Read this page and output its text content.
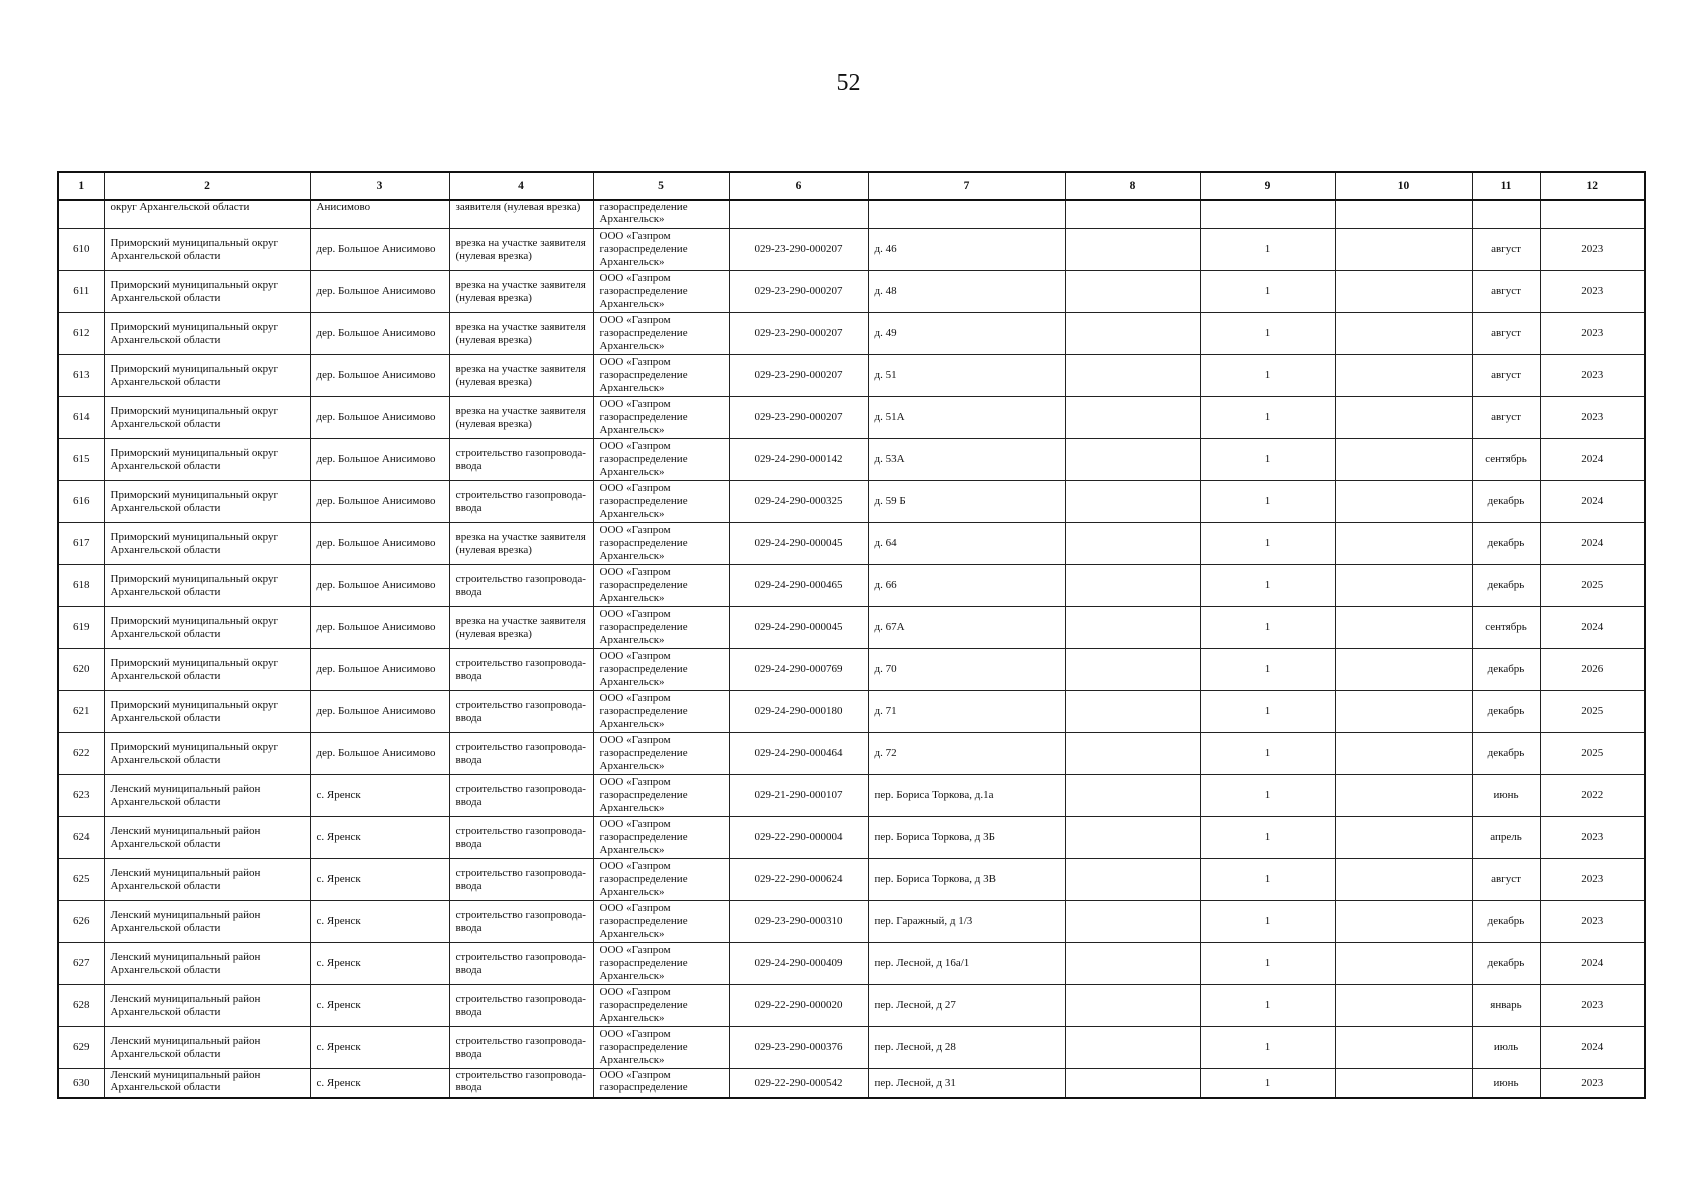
52
1	2	3	4	5	6	7	8	9	10	11	12
	округ Архангельской области	Анисимово	заявителя (нулевая врезка)	газораспределение Архангельск»							
610	Приморский муниципальный округ Архангельской области	дер. Большое Анисимово	врезка на участке заявителя (нулевая врезка)	ООО «Газпром газораспределение Архангельск»	029-23-290-000207	д. 46		1		август	2023
611	Приморский муниципальный округ Архангельской области	дер. Большое Анисимово	врезка на участке заявителя (нулевая врезка)	ООО «Газпром газораспределение Архангельск»	029-23-290-000207	д. 48		1		август	2023
612	Приморский муниципальный округ Архангельской области	дер. Большое Анисимово	врезка на участке заявителя (нулевая врезка)	ООО «Газпром газораспределение Архангельск»	029-23-290-000207	д. 49		1		август	2023
613	Приморский муниципальный округ Архангельской области	дер. Большое Анисимово	врезка на участке заявителя (нулевая врезка)	ООО «Газпром газораспределение Архангельск»	029-23-290-000207	д. 51		1		август	2023
614	Приморский муниципальный округ Архангельской области	дер. Большое Анисимово	врезка на участке заявителя (нулевая врезка)	ООО «Газпром газораспределение Архангельск»	029-23-290-000207	д. 51А		1		август	2023
615	Приморский муниципальный округ Архангельской области	дер. Большое Анисимово	строительство газопровода-ввода	ООО «Газпром газораспределение Архангельск»	029-24-290-000142	д. 53А		1		сентябрь	2024
616	Приморский муниципальный округ Архангельской области	дер. Большое Анисимово	строительство газопровода-ввода	ООО «Газпром газораспределение Архангельск»	029-24-290-000325	д. 59 Б		1		декабрь	2024
617	Приморский муниципальный округ Архангельской области	дер. Большое Анисимово	врезка на участке заявителя (нулевая врезка)	ООО «Газпром газораспределение Архангельск»	029-24-290-000045	д. 64		1		декабрь	2024
618	Приморский муниципальный округ Архангельской области	дер. Большое Анисимово	строительство газопровода-ввода	ООО «Газпром газораспределение Архангельск»	029-24-290-000465	д. 66		1		декабрь	2025
619	Приморский муниципальный округ Архангельской области	дер. Большое Анисимово	врезка на участке заявителя (нулевая врезка)	ООО «Газпром газораспределение Архангельск»	029-24-290-000045	д. 67А		1		сентябрь	2024
620	Приморский муниципальный округ Архангельской области	дер. Большое Анисимово	строительство газопровода-ввода	ООО «Газпром газораспределение Архангельск»	029-24-290-000769	д. 70		1		декабрь	2026
621	Приморский муниципальный округ Архангельской области	дер. Большое Анисимово	строительство газопровода-ввода	ООО «Газпром газораспределение Архангельск»	029-24-290-000180	д. 71		1		декабрь	2025
622	Приморский муниципальный округ Архангельской области	дер. Большое Анисимово	строительство газопровода-ввода	ООО «Газпром газораспределение Архангельск»	029-24-290-000464	д. 72		1		декабрь	2025
623	Ленский муниципальный район Архангельской области	с. Яренск	строительство газопровода-ввода	ООО «Газпром газораспределение Архангельск»	029-21-290-000107	пер. Бориса Торкова, д.1а		1		июнь	2022
624	Ленский муниципальный район Архангельской области	с. Яренск	строительство газопровода-ввода	ООО «Газпром газораспределение Архангельск»	029-22-290-000004	пер. Бориса Торкова, д 3Б		1		апрель	2023
625	Ленский муниципальный район Архангельской области	с. Яренск	строительство газопровода-ввода	ООО «Газпром газораспределение Архангельск»	029-22-290-000624	пер. Бориса Торкова, д 3В		1		август	2023
626	Ленский муниципальный район Архангельской области	с. Яренск	строительство газопровода-ввода	ООО «Газпром газораспределение Архангельск»	029-23-290-000310	пер. Гаражный, д 1/3		1		декабрь	2023
627	Ленский муниципальный район Архангельской области	с. Яренск	строительство газопровода-ввода	ООО «Газпром газораспределение Архангельск»	029-24-290-000409	пер. Лесной, д 16а/1		1		декабрь	2024
628	Ленский муниципальный район Архангельской области	с. Яренск	строительство газопровода-ввода	ООО «Газпром газораспределение Архангельск»	029-22-290-000020	пер. Лесной, д 27		1		январь	2023
629	Ленский муниципальный район Архангельской области	с. Яренск	строительство газопровода-ввода	ООО «Газпром газораспределение Архангельск»	029-23-290-000376	пер. Лесной, д 28		1		июль	2024
630	Ленский муниципальный район Архангельской области	с. Яренск	строительство газопровода-ввода	ООО «Газпром газораспределение	029-22-290-000542	пер. Лесной, д 31		1		июнь	2023
